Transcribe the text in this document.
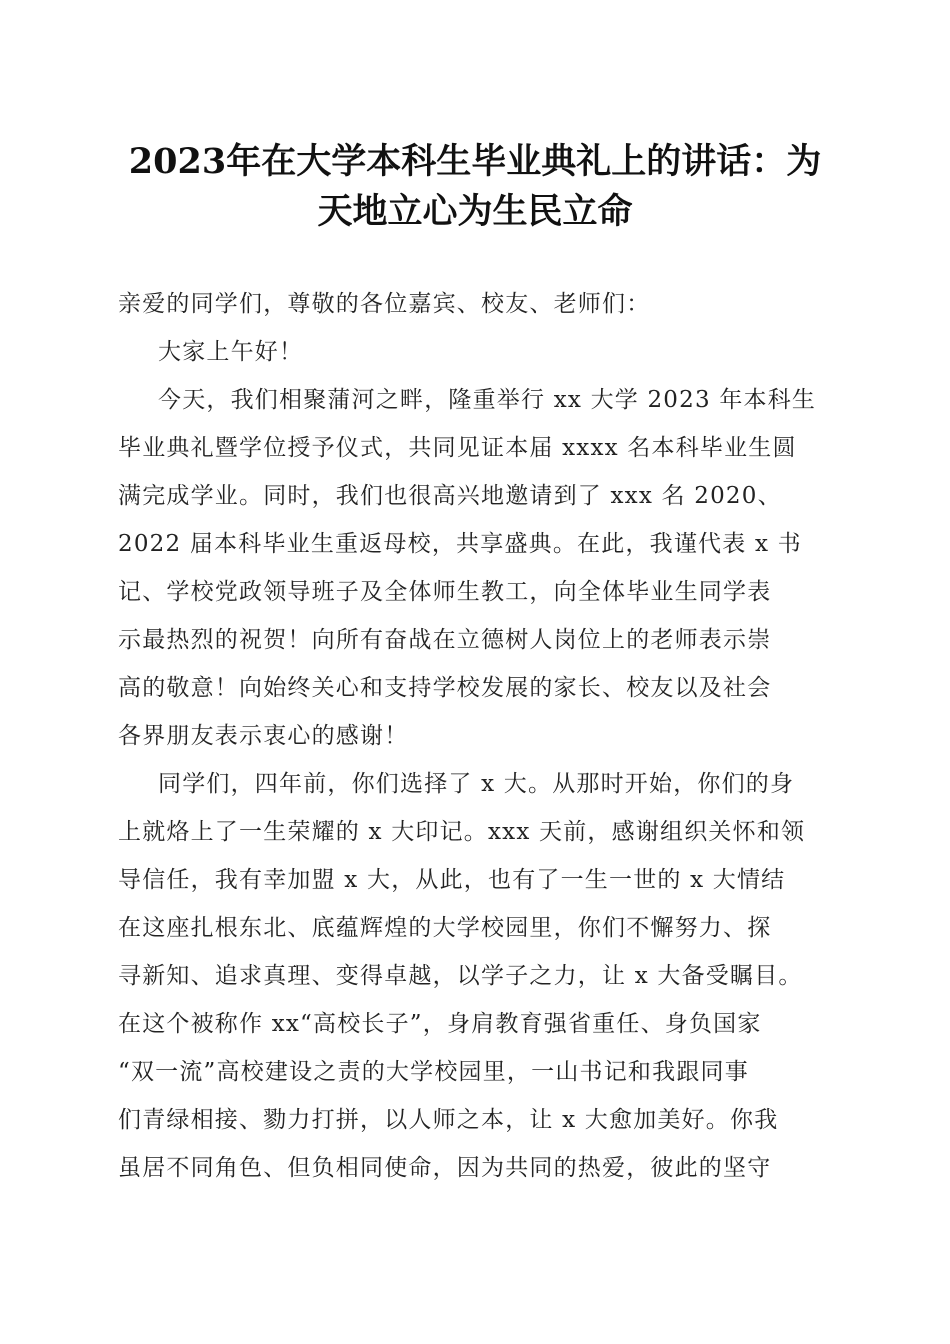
2023年在大学本科生毕业典礼上的讲话：为
天地立心为生民立命
亲爱的同学们，尊敬的各位嘉宾、校友、老师们：
大家上午好！
今天，我们相聚蒲河之畔，隆重举行 xx 大学 2023 年本科生
毕业典礼暨学位授予仪式，共同见证本届 xxxx 名本科毕业生圆
满完成学业。同时，我们也很高兴地邀请到了 xxx 名 2020、
2022 届本科毕业生重返母校，共享盛典。在此，我谨代表 x 书
记、学校党政领导班子及全体师生教工，向全体毕业生同学表
示最热烈的祝贺！向所有奋战在立德树人岗位上的老师表示崇
高的敬意！向始终关心和支持学校发展的家长、校友以及社会
各界朋友表示衷心的感谢！
同学们，四年前，你们选择了 x 大。从那时开始，你们的身
上就烙上了一生荣耀的 x 大印记。xxx 天前，感谢组织关怀和领
导信任，我有幸加盟 x 大，从此，也有了一生一世的 x 大情结
在这座扎根东北、底蕴辉煌的大学校园里，你们不懈努力、探
寻新知、追求真理、变得卓越，以学子之力，让 x 大备受瞩目。
在这个被称作 xx“高校长子”，身肩教育强省重任、身负国家
“双一流”高校建设之责的大学校园里，一山书记和我跟同事
们青绿相接、勠力打拼，以人师之本，让 x 大愈加美好。你我
虽居不同角色、但负相同使命，因为共同的热爱，彼此的坚守
